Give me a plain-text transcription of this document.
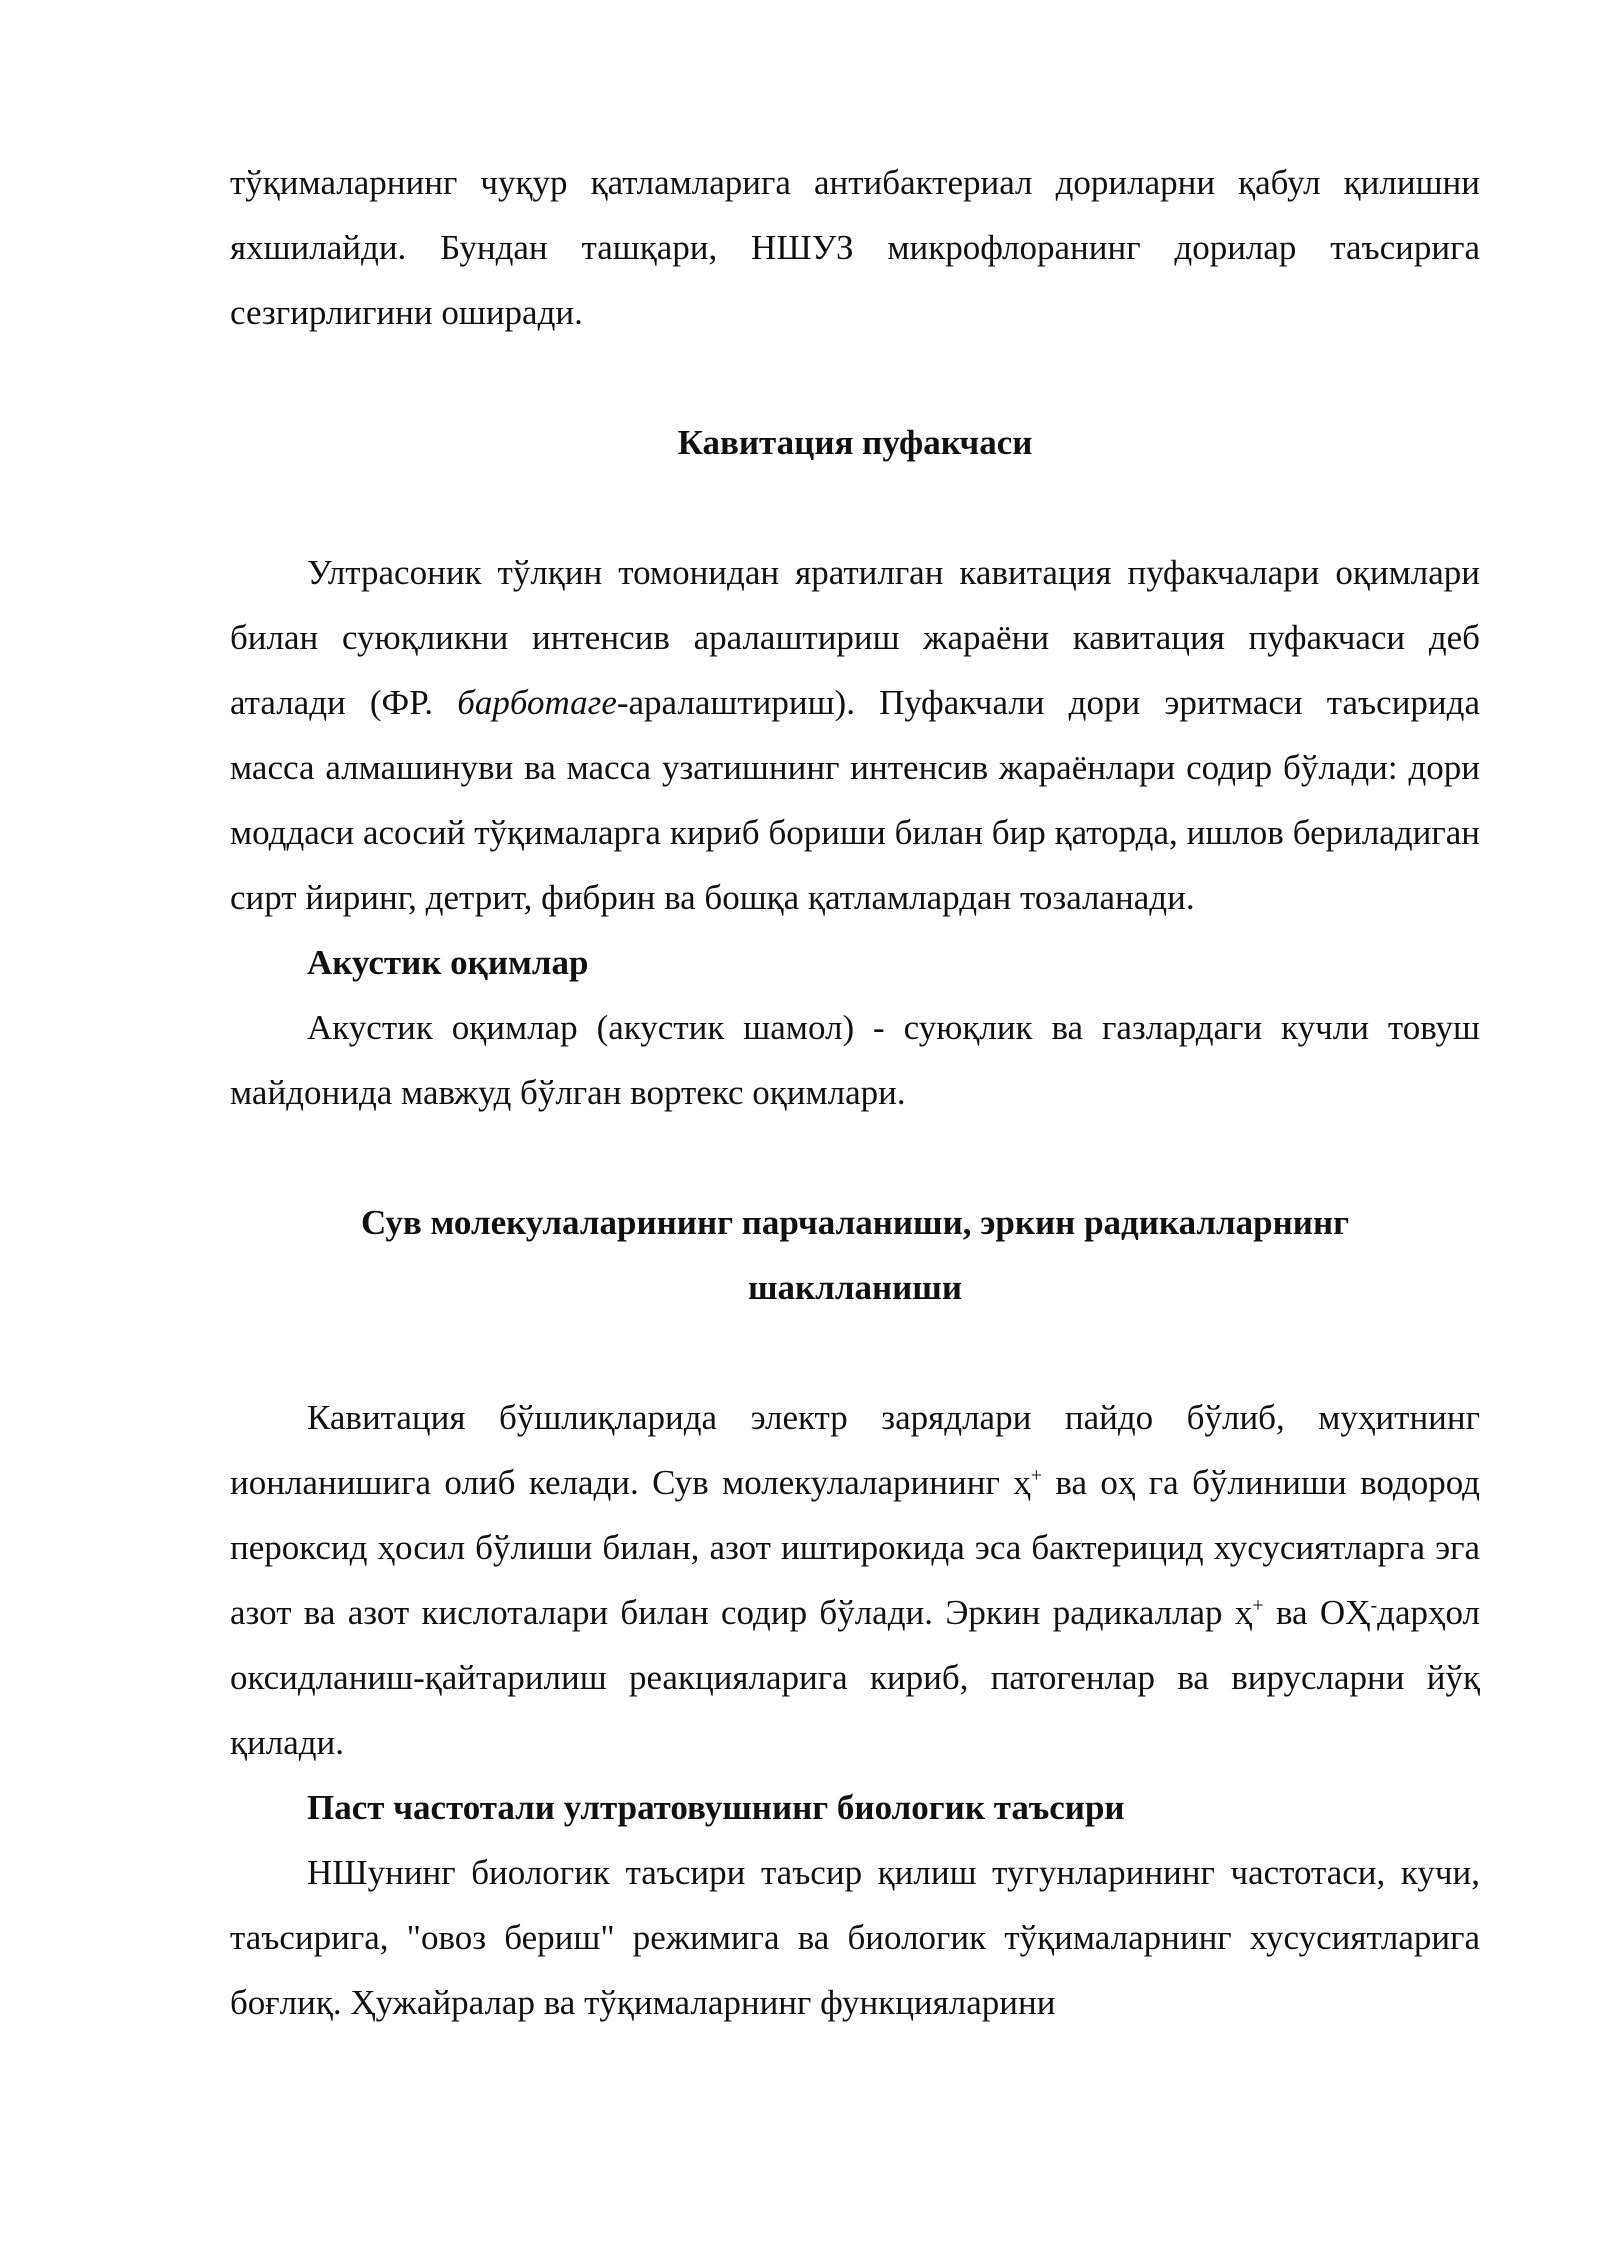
тўқималарнинг чуқур қатламларига антибактериал дориларни қабул қилишни яхшилайди. Бундан ташқари, НШУЗ микрофлоранинг дорилар таъсирига сезгирлигини оширади.

Кавитация пуфакчаси

Ултрасоник тўлқин томонидан яратилган кавитация пуфакчалари оқимлари билан суюқликни интенсив аралаштириш жараёни кавитация пуфакчаси деб аталади (ФР. барботаге-аралаштириш). Пуфакчали дори эритмаси таъсирида масса алмашинуви ва масса узатишнинг интенсив жараёнлари содир бўлади: дори моддаси асосий тўқималарга кириб бориши билан бир қаторда, ишлов бериладиган сирт йиринг, детрит, фибрин ва бошқа қатламлардан тозаланади.

Акустик оқимлар

Акустик оқимлар (акустик шамол) - суюқлик ва газлардаги кучли товуш майдонида мавжуд бўлган вортекс оқимлари.

Сув молекулаларининг парчаланиши, эркин радикалларнинг шаклланиши

Кавитация бўшлиқларида электр зарядлари пайдо бўлиб, муҳитнинг ионланишига олиб келади. Сув молекулаларининг ҳ+ ва оҳ га бўлиниши водород пероксид ҳосил бўлиши билан, азот иштирокида эса бактерицид хусусиятларга эга азот ва азот кислоталари билан содир бўлади. Эркин радикаллар ҳ+ ва ОҲ-дарҳол оксидланиш-қайтарилиш реакцияларига кириб, патогенлар ва вирусларни йўқ қилади.

Паст частотали ултратовушнинг биологик таъсири

НШунинг биологик таъсири таъсир қилиш тугунларининг частотаси, кучи, таъсирига, "овоз бериш" режимига ва биологик тўқималарнинг хусусиятларига боғлиқ. Ҳужайралар ва тўқималарнинг функцияларини
